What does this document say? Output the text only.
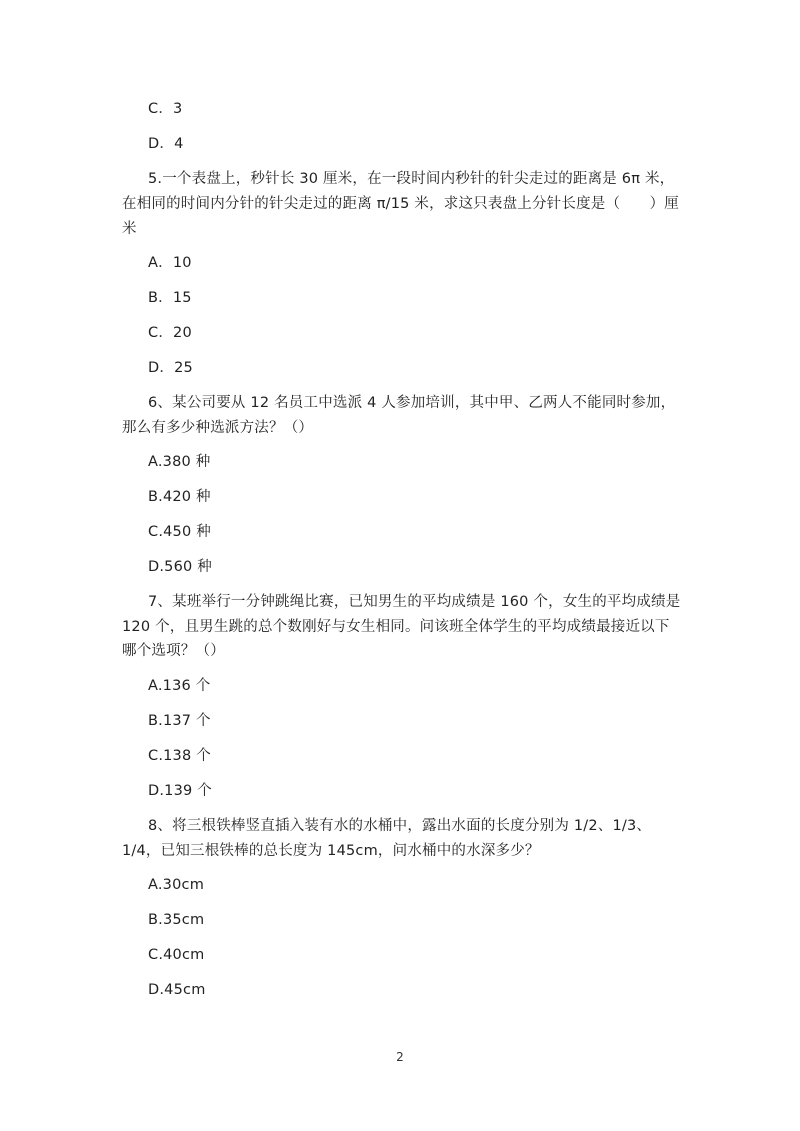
C．3
D．4
5.一个表盘上，秒针长 30 厘米，在一段时间内秒针的针尖走过的距离是 6π 米，
在相同的时间内分针的针尖走过的距离 π/15 米，求这只表盘上分针长度是（　　）厘
米
A．10
B．15
C．20
D．25
6、某公司要从 12 名员工中选派 4 人参加培训，其中甲、乙两人不能同时参加，
那么有多少种选派方法？（）
A.380 种
B.420 种
C.450 种
D.560 种
7、某班举行一分钟跳绳比赛，已知男生的平均成绩是 160 个，女生的平均成绩是
120 个，且男生跳的总个数刚好与女生相同。问该班全体学生的平均成绩最接近以下
哪个选项？（）
A.136 个
B.137 个
C.138 个
D.139 个
8、将三根铁棒竖直插入装有水的水桶中，露出水面的长度分别为 1/2、1/3、
1/4，已知三根铁棒的总长度为 145cm，问水桶中的水深多少？
A.30cm
B.35cm
C.40cm
D.45cm
2
